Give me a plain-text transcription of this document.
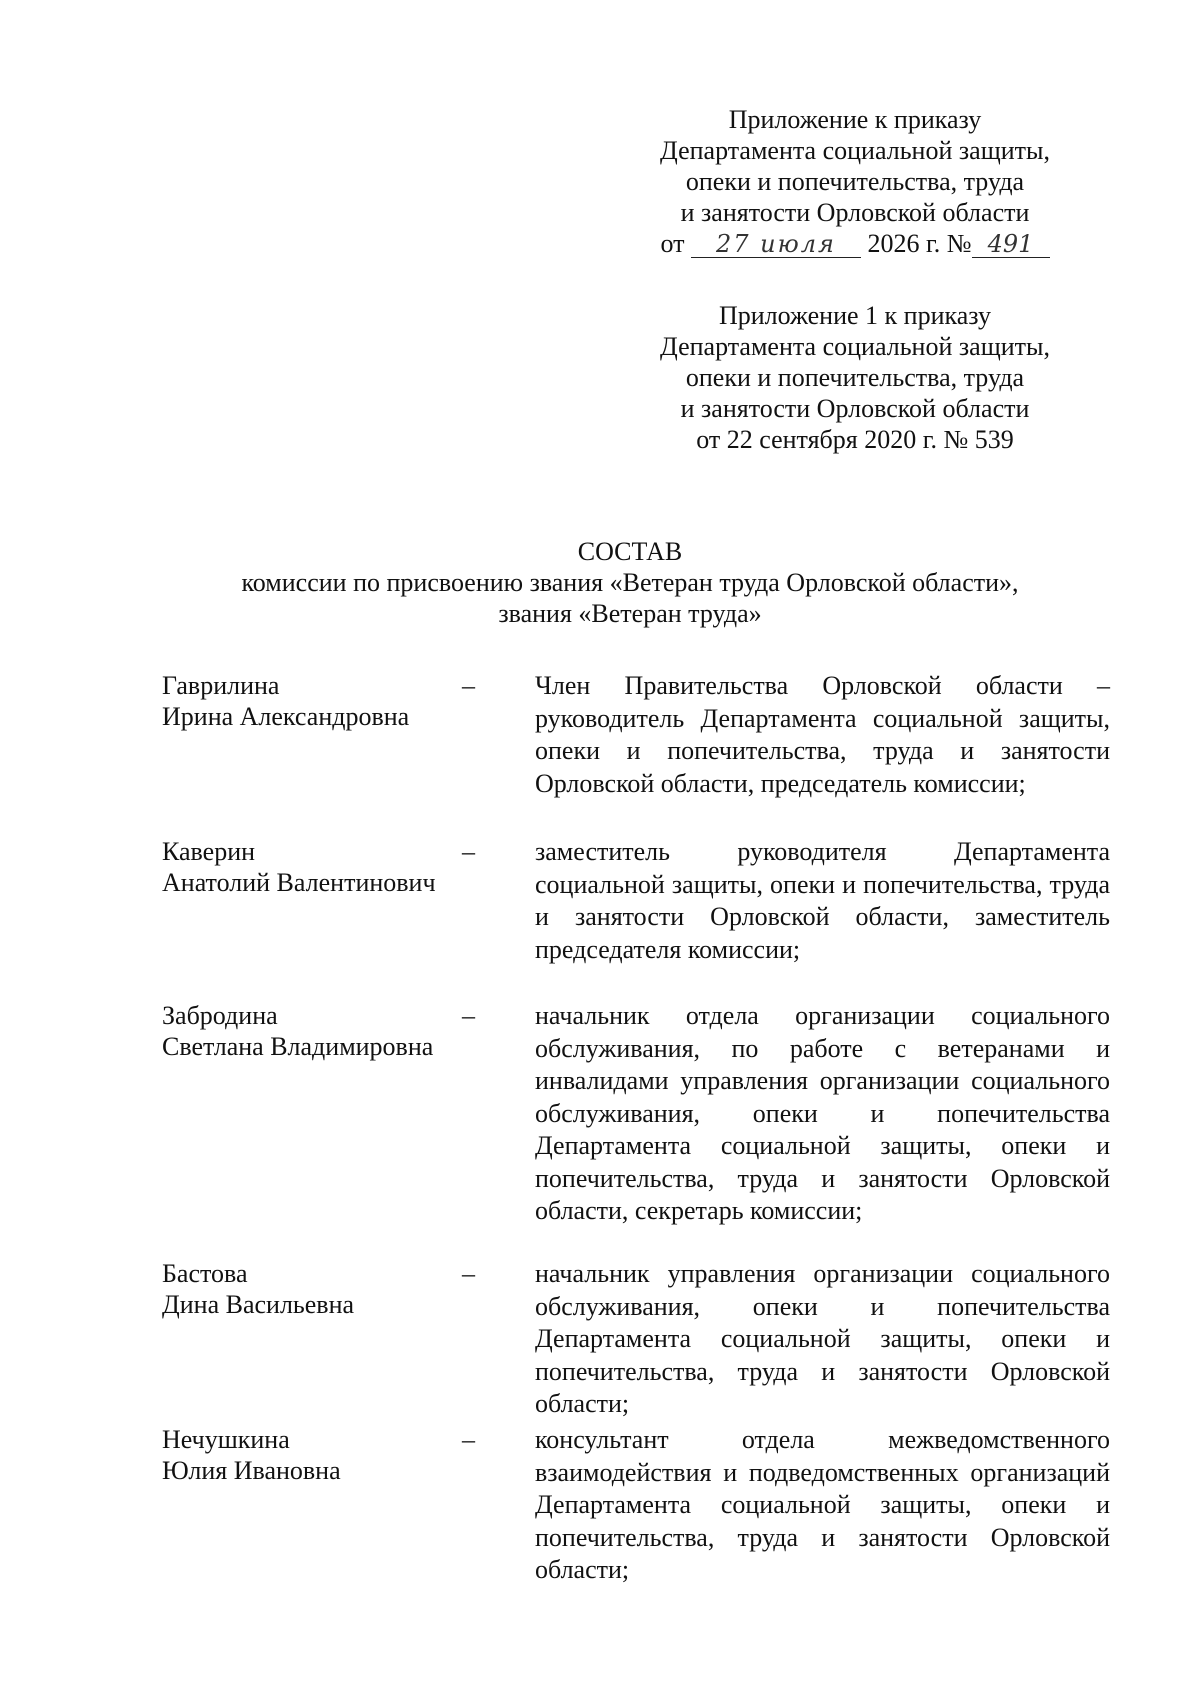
Приложение к приказу
Департамента социальной защиты,
опеки и попечительства, труда
и занятости Орловской области
от 27 июля 2026 г. № 491
Приложение 1 к приказу
Департамента социальной защиты,
опеки и попечительства, труда
и занятости Орловской области
от 22 сентября 2020 г. № 539
СОСТАВ
комиссии по присвоению звания «Ветеран труда Орловской области»,
звания «Ветеран труда»
Гаврилина
Ирина Александровна
– Член Правительства Орловской области – руководитель Департамента социальной защиты, опеки и попечительства, труда и занятости Орловской области, председатель комиссии;
Каверин
Анатолий Валентинович
– заместитель руководителя Департамента социальной защиты, опеки и попечительства, труда и занятости Орловской области, заместитель председателя комиссии;
Забродина
Светлана Владимировна
– начальник отдела организации социального обслуживания, по работе с ветеранами и инвалидами управления организации социального обслуживания, опеки и попечительства Департамента социальной защиты, опеки и попечительства, труда и занятости Орловской области, секретарь комиссии;
Бастова
Дина Васильевна
– начальник управления организации социального обслуживания, опеки и попечительства Департамента социальной защиты, опеки и попечительства, труда и занятости Орловской области;
Нечушкина
Юлия Ивановна
– консультант отдела межведомственного взаимодействия и подведомственных организаций Департамента социальной защиты, опеки и попечительства, труда и занятости Орловской области;
